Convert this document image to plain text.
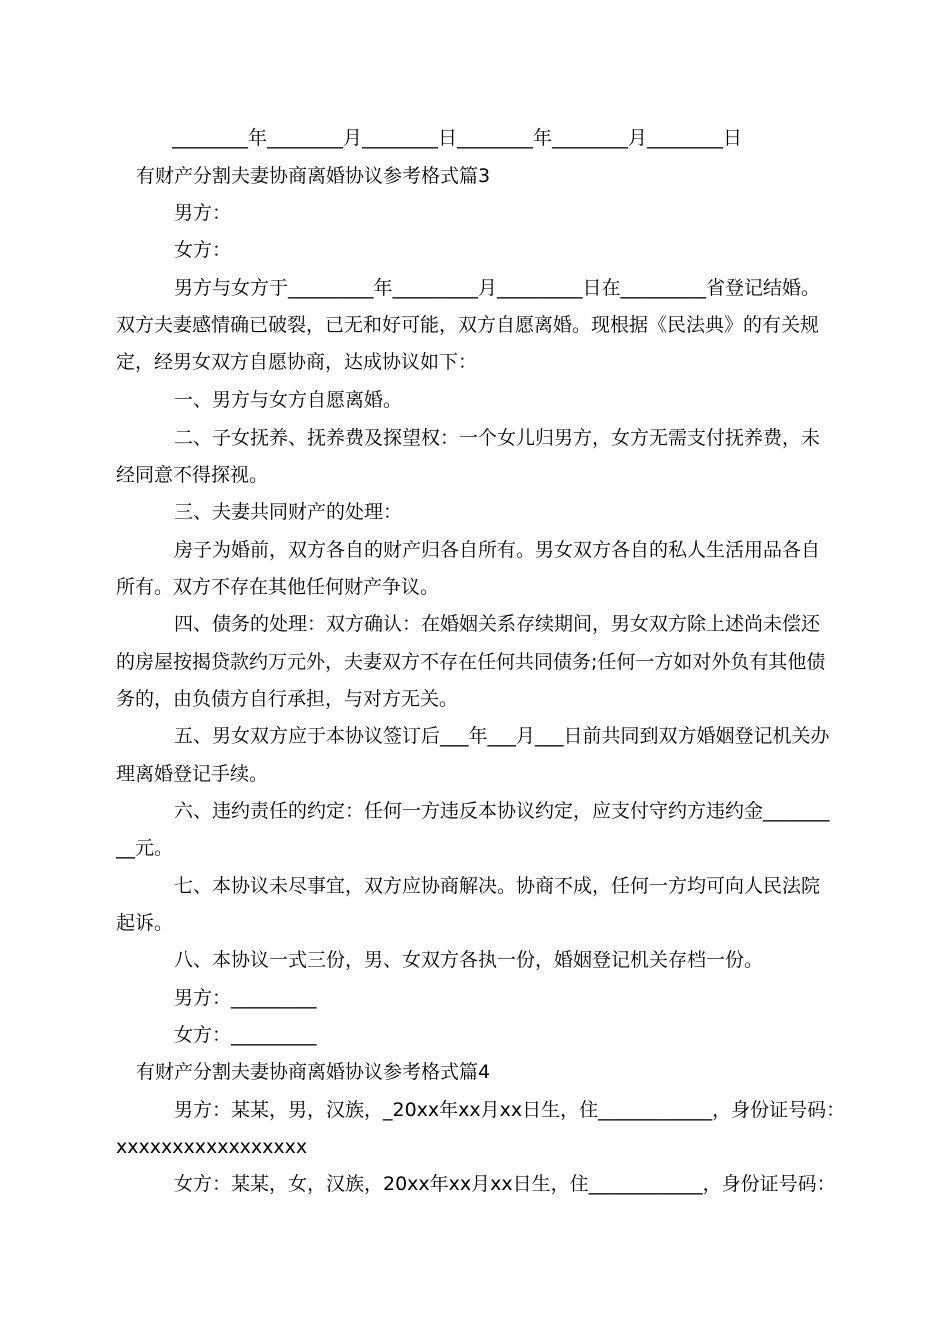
________年________月________日________年________月________日
有财产分割夫妻协商离婚协议参考格式篇3
男方：
女方：
男方与女方于_________年_________月_________日在_________省登记结婚。
双方夫妻感情确已破裂，已无和好可能，双方自愿离婚。现根据《民法典》的有关规
定，经男女双方自愿协商，达成协议如下：
一、男方与女方自愿离婚。
二、子女抚养、抚养费及探望权：一个女儿归男方，女方无需支付抚养费，未
经同意不得探视。
三、夫妻共同财产的处理：
房子为婚前，双方各自的财产归各自所有。男女双方各自的私人生活用品各自
所有。双方不存在其他任何财产争议。
四、债务的处理：双方确认：在婚姻关系存续期间，男女双方除上述尚未偿还
的房屋按揭贷款约万元外，夫妻双方不存在任何共同债务;任何一方如对外负有其他债
务的，由负债方自行承担，与对方无关。
五、男女双方应于本协议签订后___年___月___日前共同到双方婚姻登记机关办
理离婚登记手续。
六、违约责任的约定：任何一方违反本协议约定，应支付守约方违约金_______
__元。
七、本协议未尽事宜，双方应协商解决。协商不成，任何一方均可向人民法院
起诉。
八、本协议一式三份，男、女双方各执一份，婚姻登记机关存档一份。
男方：_________
女方：_________
有财产分割夫妻协商离婚协议参考格式篇4
男方：某某，男，汉族，_20xx年xx月xx日生，住____________，身份证号码：
xxxxxxxxxxxxxxxxx
女方：某某，女，汉族，20xx年xx月xx日生，住____________，身份证号码：
